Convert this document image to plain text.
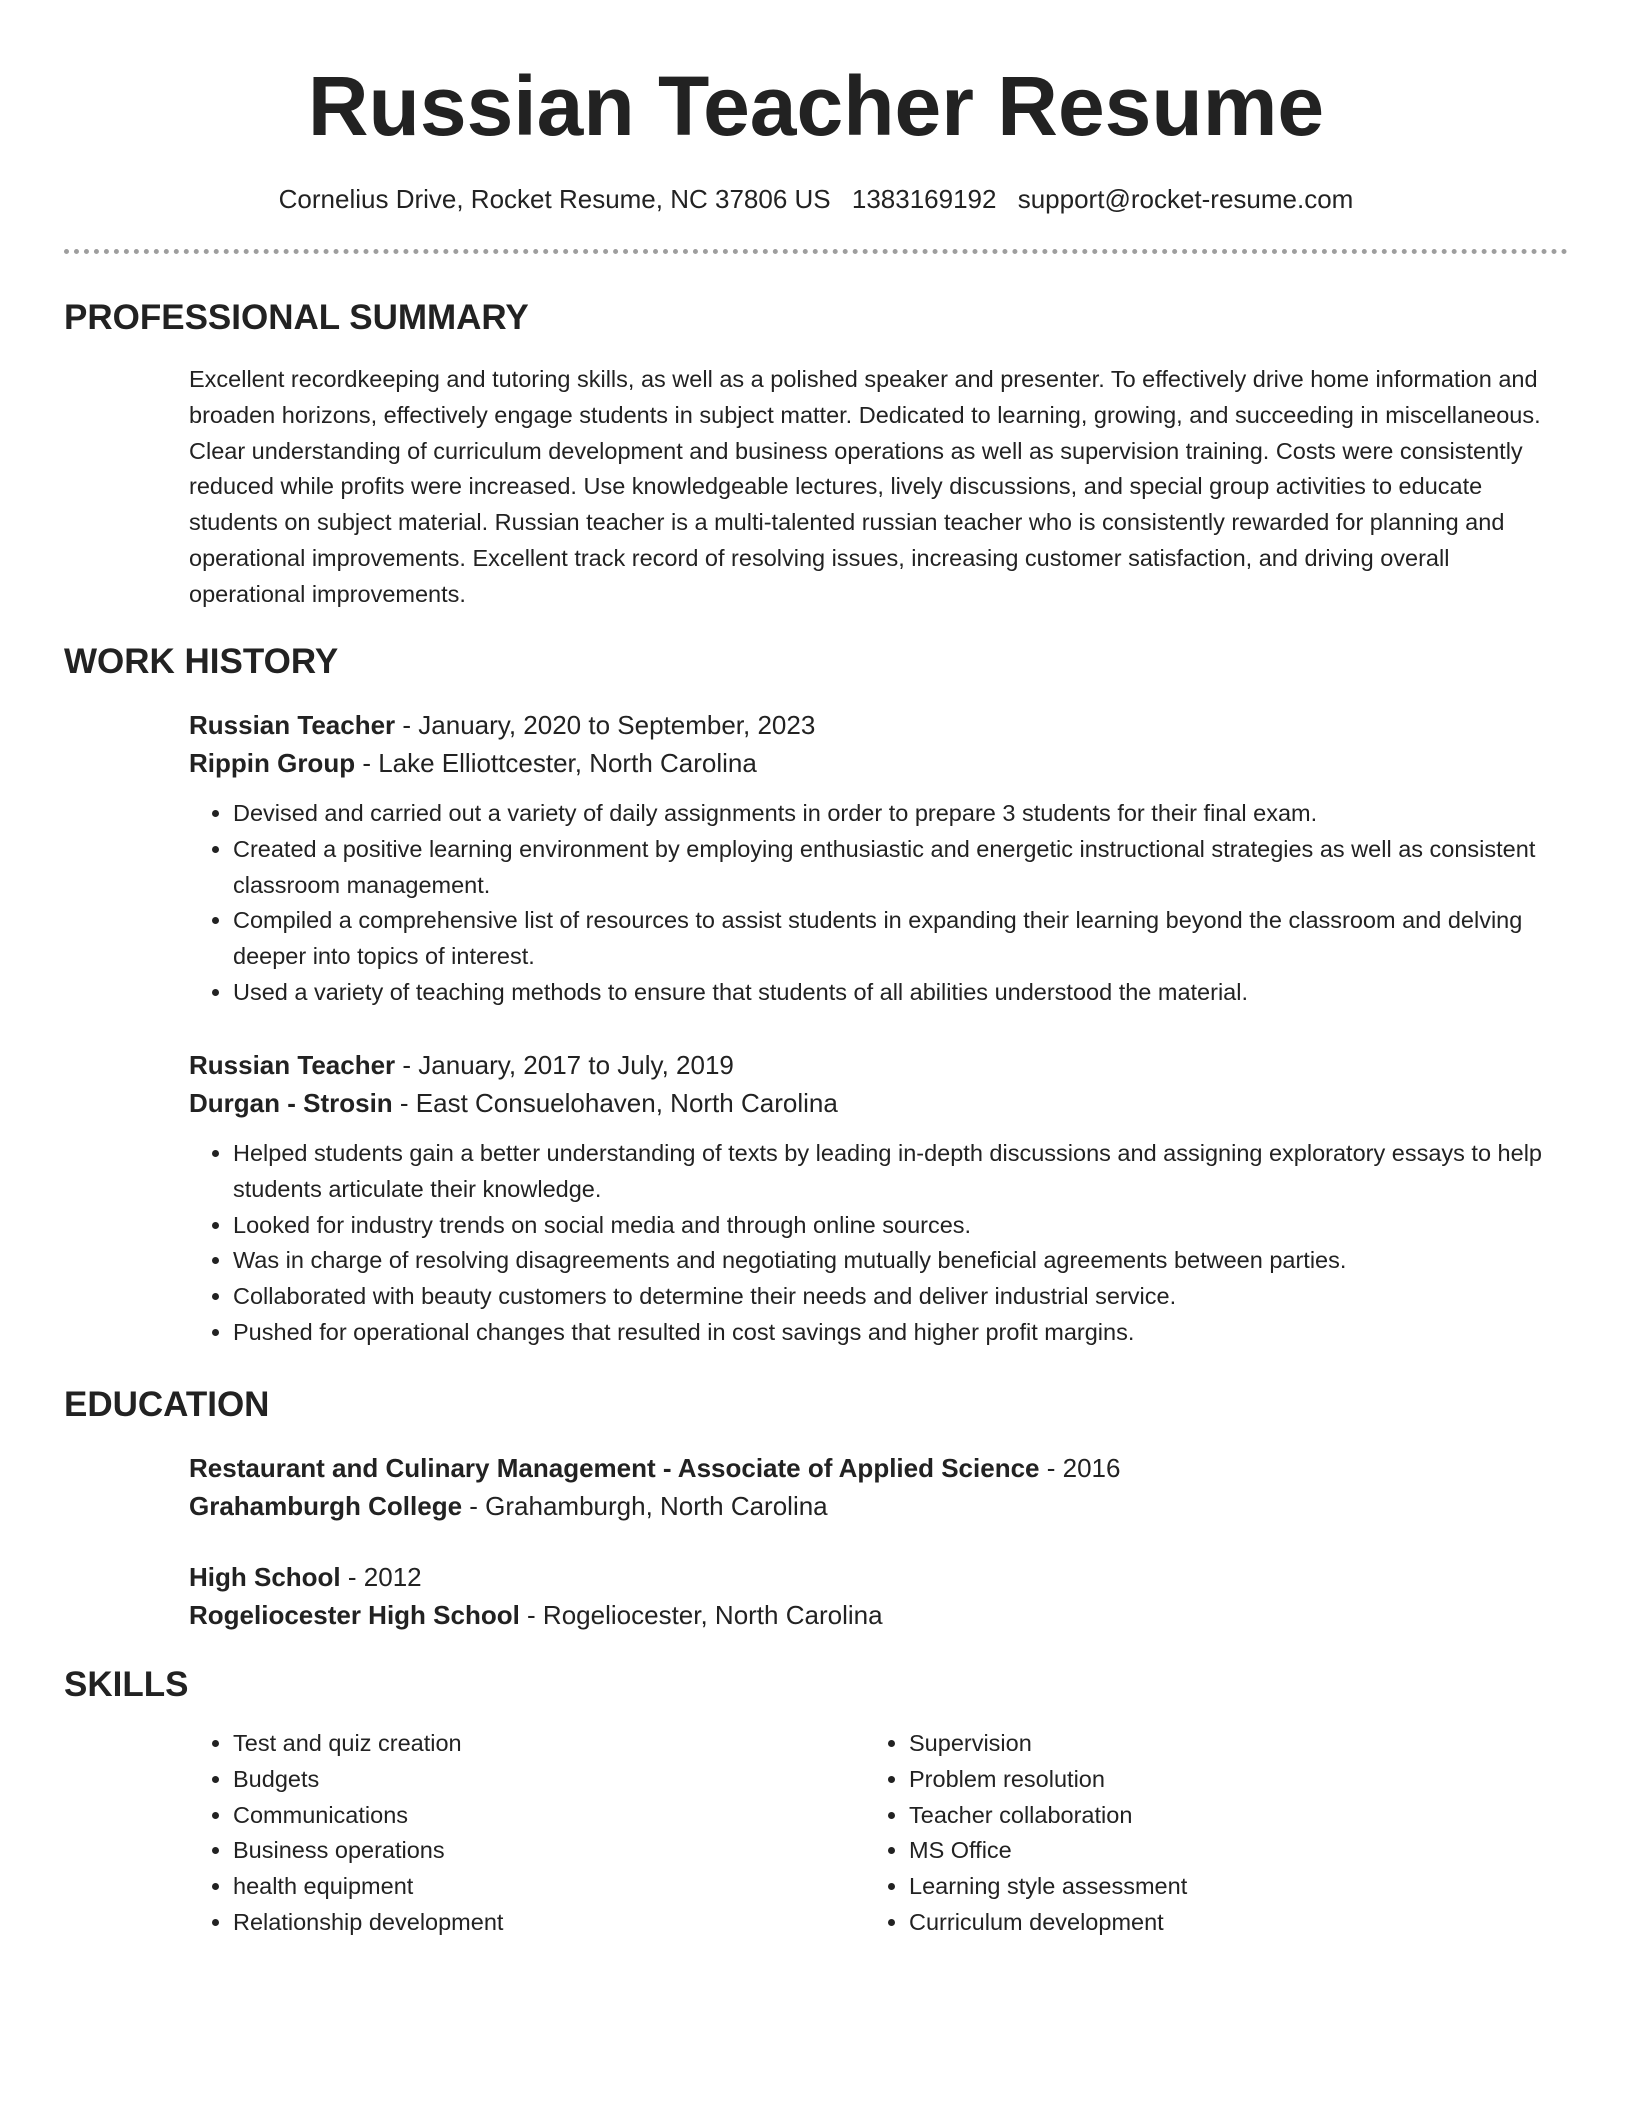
Russian Teacher Resume
Cornelius Drive, Rocket Resume, NC 37806 US 1383169192 support@rocket-resume.com
PROFESSIONAL SUMMARY

Excellent recordkeeping and tutoring skills, as well as a polished speaker and presenter. To effectively drive home information and broaden horizons, effectively engage students in subject matter. Dedicated to learning, growing, and succeeding in miscellaneous. Clear understanding of curriculum development and business operations as well as supervision training. Costs were consistently reduced while profits were increased. Use knowledgeable lectures, lively discussions, and special group activities to educate students on subject material. Russian teacher is a multi-talented russian teacher who is consistently rewarded for planning and operational improvements. Excellent track record of resolving issues, increasing customer satisfaction, and driving overall operational improvements.

WORK HISTORY

Russian Teacher - January, 2020 to September, 2023

Rippin Group - Lake Elliottcester, North Carolina

• Devised and carried out a variety of daily assignments in order to prepare 3 students for their final exam.
• Created a positive learning environment by employing enthusiastic and energetic instructional strategies as well as consistent classroom management.
• Compiled a comprehensive list of resources to assist students in expanding their learning beyond the classroom and delving deeper into topics of interest.
• Used a variety of teaching methods to ensure that students of all abilities understood the material.

Russian Teacher - January, 2017 to July, 2019

Durgan - Strosin - East Consuelohaven, North Carolina

• Helped students gain a better understanding of texts by leading in-depth discussions and assigning exploratory essays to help students articulate their knowledge.
• Looked for industry trends on social media and through online sources.
• Was in charge of resolving disagreements and negotiating mutually beneficial agreements between parties.
• Collaborated with beauty customers to determine their needs and deliver industrial service.
• Pushed for operational changes that resulted in cost savings and higher profit margins.
EDUCATION

Restaurant and Culinary Management - Associate of Applied Science - 2016

Grahamburgh College - Grahamburgh, North Carolina

High School - 2012

Rogeliocester High School - Rogeliocester, North Carolina

SKILLS
• Test and quiz creation
• Budgets
• Communications
• Business operations
• health equipment
• Relationship development
• Supervision
• Problem resolution
• Teacher collaboration
• MS Office
• Learning style assessment
• Curriculum development
